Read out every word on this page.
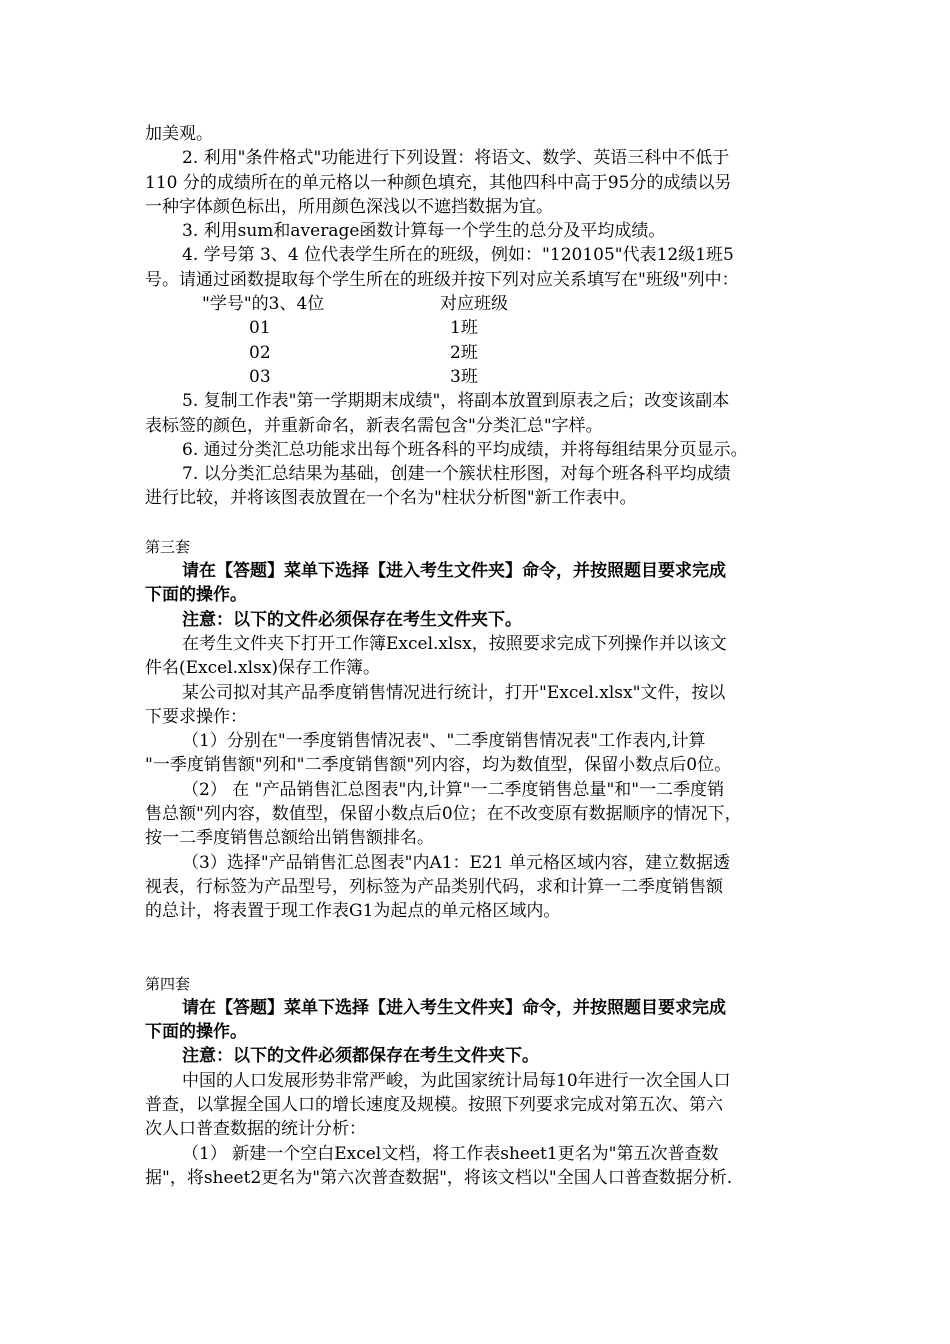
加美观。
2. 利用"条件格式"功能进行下列设置：将语文、数学、英语三科中不低于
110 分的成绩所在的单元格以一种颜色填充，其他四科中高于95分的成绩以另
一种字体颜色标出，所用颜色深浅以不遮挡数据为宜。
3. 利用sum和average函数计算每一个学生的总分及平均成绩。
4. 学号第 3、4 位代表学生所在的班级，例如："120105"代表12级1班5
号。请通过函数提取每个学生所在的班级并按下列对应关系填写在"班级"列中：
"学号"的3、4位	对应班级
01	1班
02	2班
03	3班
5. 复制工作表"第一学期期末成绩"，将副本放置到原表之后；改变该副本
表标签的颜色，并重新命名，新表名需包含"分类汇总"字样。
6. 通过分类汇总功能求出每个班各科的平均成绩，并将每组结果分页显示。
7. 以分类汇总结果为基础，创建一个簇状柱形图，对每个班各科平均成绩
进行比较，并将该图表放置在一个名为"柱状分析图"新工作表中。
第三套
请在【答题】菜单下选择【进入考生文件夹】命令，并按照题目要求完成
下面的操作。
注意：以下的文件必须保存在考生文件夹下。
在考生文件夹下打开工作簿Excel.xlsx，按照要求完成下列操作并以该文
件名(Excel.xlsx)保存工作簿。
某公司拟对其产品季度销售情况进行统计，打开"Excel.xlsx"文件，按以
下要求操作：
（1）分别在"一季度销售情况表"、"二季度销售情况表"工作表内,计算
"一季度销售额"列和"二季度销售额"列内容，均为数值型，保留小数点后0位。
（2） 在 "产品销售汇总图表"内,计算"一二季度销售总量"和"一二季度销
售总额"列内容，数值型，保留小数点后0位；在不改变原有数据顺序的情况下，
按一二季度销售总额给出销售额排名。
（3）选择"产品销售汇总图表"内A1：E21 单元格区域内容，建立数据透
视表，行标签为产品型号，列标签为产品类别代码，求和计算一二季度销售额
的总计，将表置于现工作表G1为起点的单元格区域内。
第四套
请在【答题】菜单下选择【进入考生文件夹】命令，并按照题目要求完成
下面的操作。
注意：以下的文件必须都保存在考生文件夹下。
中国的人口发展形势非常严峻，为此国家统计局每10年进行一次全国人口
普查，以掌握全国人口的增长速度及规模。按照下列要求完成对第五次、第六
次人口普查数据的统计分析：
（1） 新建一个空白Excel文档，将工作表sheet1更名为"第五次普查数
据"，将sheet2更名为"第六次普查数据"，将该文档以"全国人口普查数据分析.
